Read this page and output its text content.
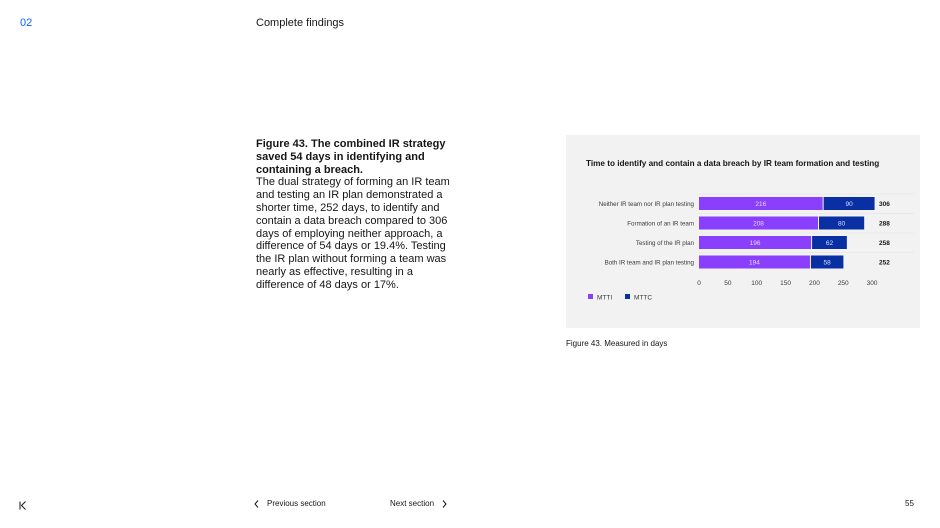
02	Complete findings
Figure 43. The combined IR strategy saved 54 days in identifying and containing a breach.
The dual strategy of forming an IR team and testing an IR plan demonstrated a shorter time, 252 days, to identify and contain a data breach compared to 306 days of employing neither approach, a difference of 54 days or 19.4%. Testing the IR plan without forming a team was nearly as effective, resulting in a difference of 48 days or 17%.
Time to identify and contain a data breach by IR team formation and testing
Neither IR team nor IR plan testing	216	90	306
Formation of an IR team	208	80	288
Testing of the IR plan	196	62	258
Both IR team and IR plan testing	194	58	252
0	50	100	150	200	250	300
MTTI	MTTC
Figure 43. Measured in days
Previous section	Next section	55
